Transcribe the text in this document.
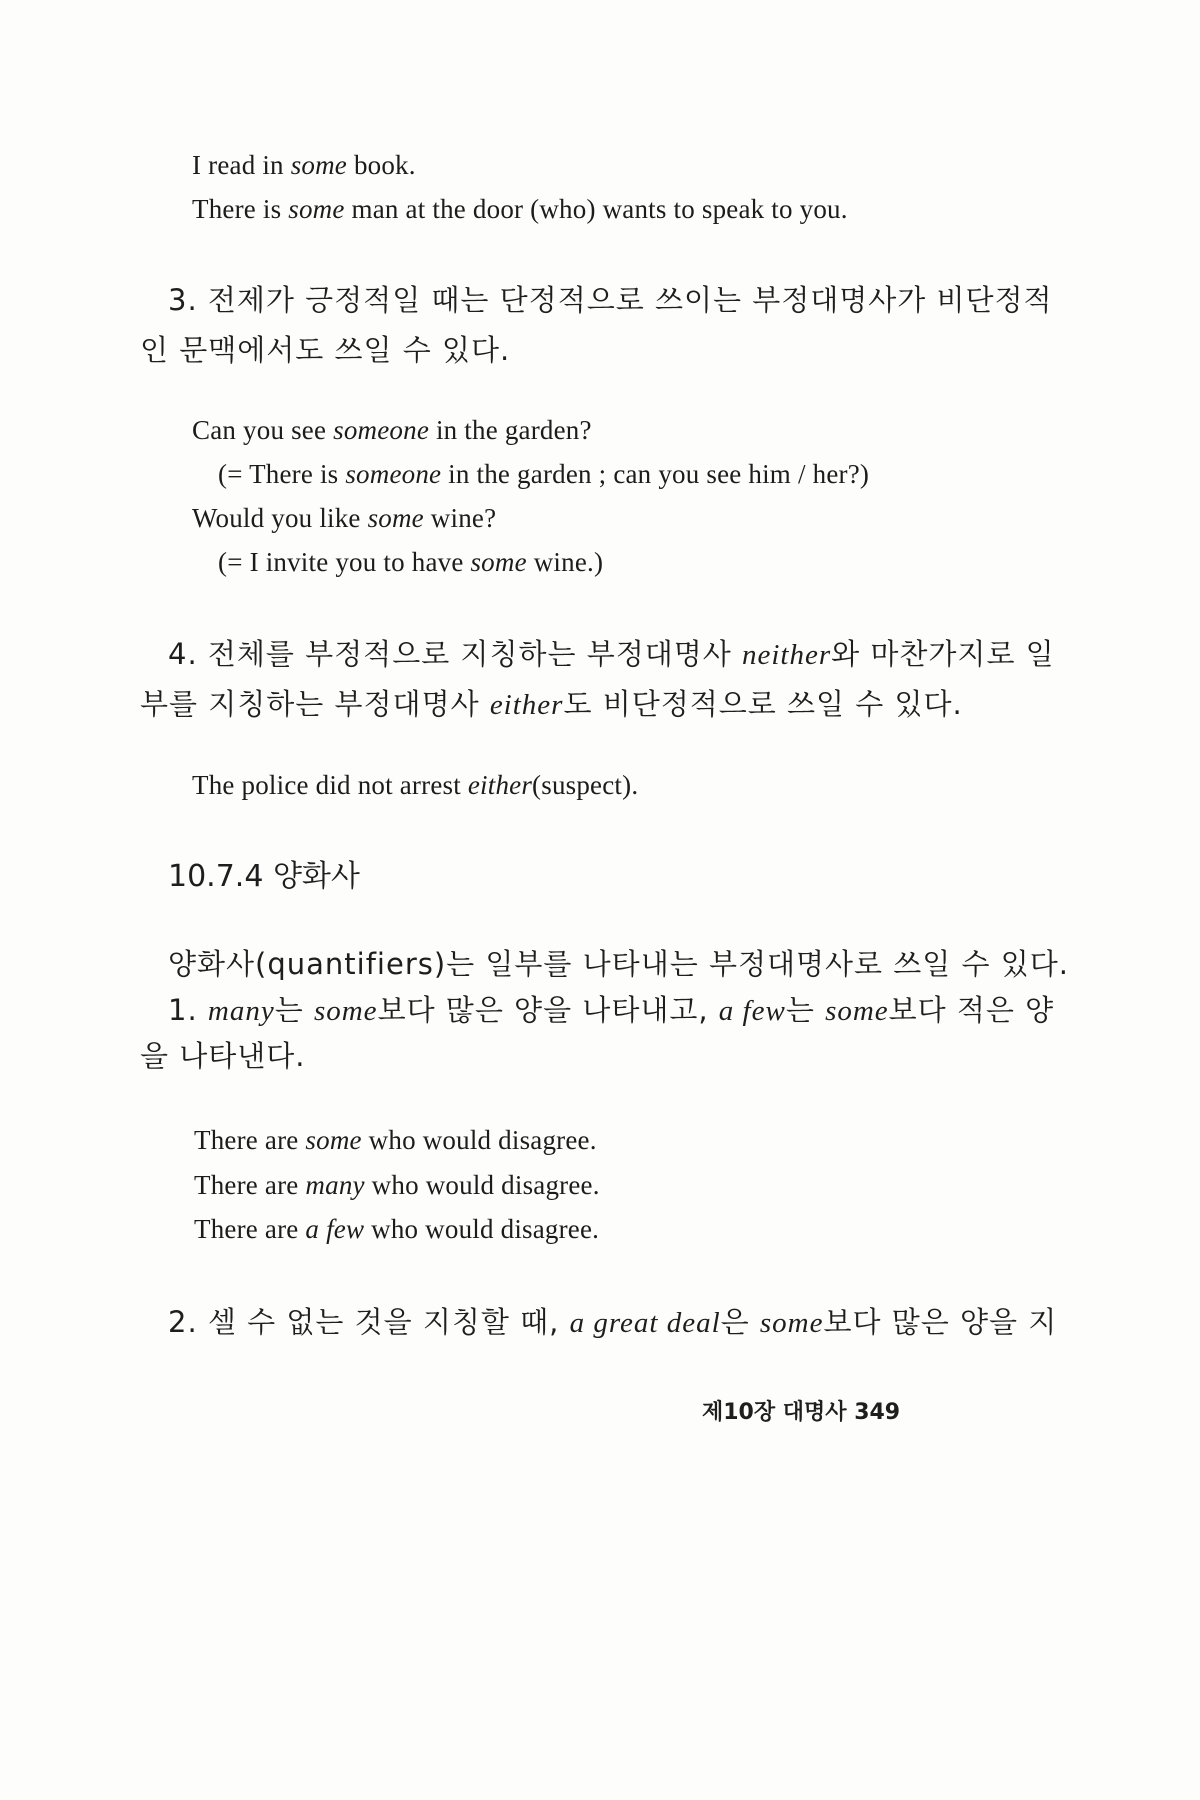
I read in some book.
There is some man at the door (who) wants to speak to you.
3. 전제가 긍정적일 때는 단정적으로 쓰이는 부정대명사가 비단정적
인 문맥에서도 쓰일 수 있다.
Can you see someone in the garden?
(= There is someone in the garden ; can you see him / her?)
Would you like some wine?
(= I invite you to have some wine.)
4. 전체를 부정적으로 지칭하는 부정대명사 neither와 마찬가지로 일
부를 지칭하는 부정대명사 either도 비단정적으로 쓰일 수 있다.
The police did not arrest either(suspect).
10.7.4 양화사
양화사(quantifiers)는 일부를 나타내는 부정대명사로 쓰일 수 있다.
1. many는 some보다 많은 양을 나타내고, a few는 some보다 적은 양
을 나타낸다.
There are some who would disagree.
There are many who would disagree.
There are a few who would disagree.
2. 셀 수 없는 것을 지칭할 때, a great deal은 some보다 많은 양을 지
제10장 대명사 349
